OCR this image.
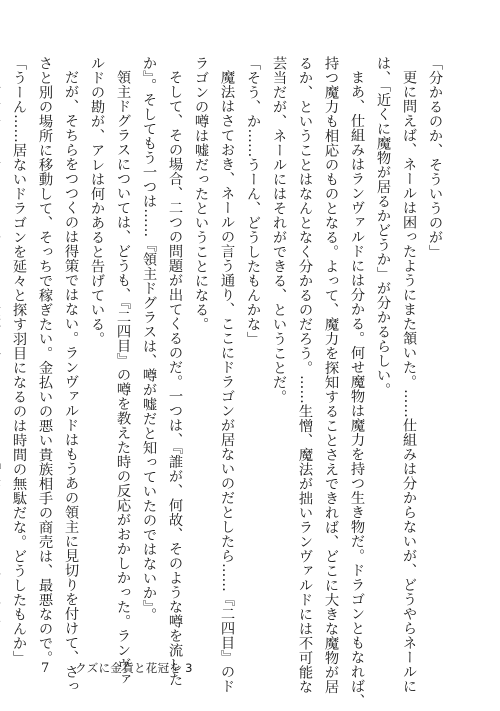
「分かるのか、そういうのが」

更に問えば、ネールは困ったようにまた頷いた。……仕組みは分からないが、どうやらネールに

は、「近くに魔物が居るかどうか」が分かるらしい。

まあ、仕組みはランヴァルドには分かる。何せ魔物は魔力を持つ生き物だ。ドラゴンともなれば、

持つ魔力も相応のものとなる。よって、魔力を探知することさえできれば、どこに大きな魔物が居

るか、ということはなんとなく分かるのだろう。……生憎、魔法が拙いランヴァルドには不可能な

芸当だが、ネールにはそれができる、ということだ。

「そう、か……うーん、どうしたもんかな」

魔法はさておき、ネールの言う通り、ここにドラゴンが居ないのだとしたら……『二四目』のド

ラゴンの噂は嘘だったということになる。

そして、その場合、二つの問題が出てくるのだ。一つは、『誰が、何故、そのような噂を流した

か』。そしてもう一つは……『領主ドグラスは、噂が嘘だと知っていたのではないか』。

領主ドグラスについては、どうも、『二四目』の噂を教えた時の反応がおかしかった。ランヴァ

ルドの勘が、アレは何かあると告げている。

だが、そちらをつつくのは得策ではない。ランヴァルドはもうあの領主に見切りを付けて、さっ

さと別の場所に移動して、そっちで稼ぎたい。金払いの悪い貴族相手の商売は、最悪なので。

「うーん……居ないドラゴンを延々と探す羽目になるのは時間の無駄だな。どうしたもんか」

7 クズに金貨と花冠を 3
